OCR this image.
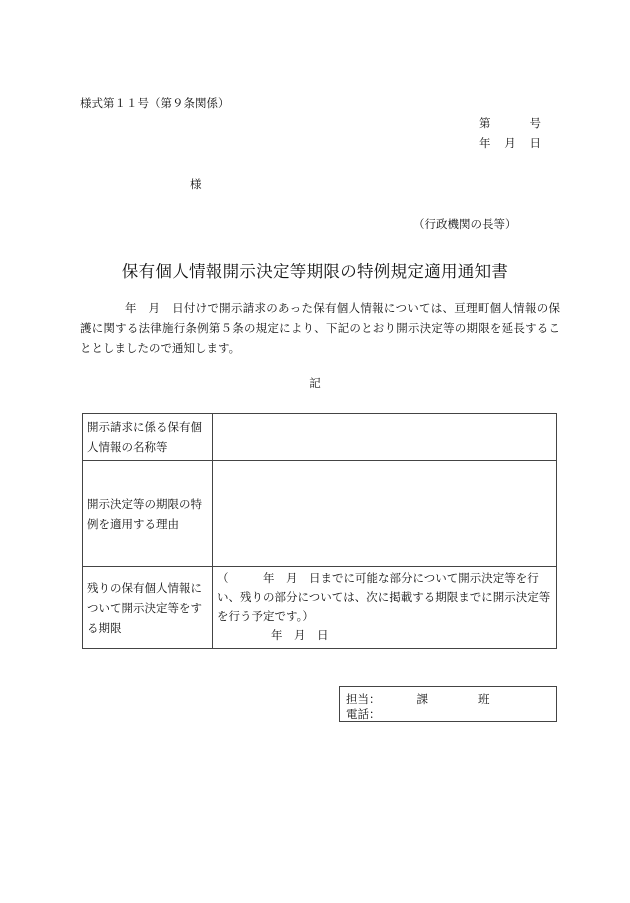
様式第１１号（第９条関係）
第	号
年 月 日
様
（行政機関の長等）
保有個人情報開示決定等期限の特例規定適用通知書
年　月　日付けで開示請求のあった保有個人情報については、亘理町個人情報の保護に関する法律施行条例第５条の規定により、下記のとおり開示決定等の期限を延長することとしましたので通知します。
記
開示請求に係る保有個人情報の名称等	
開示決定等の期限の特例を適用する理由	
残りの保有個人情報について開示決定等をする期限	（　　　年　月　日までに可能な部分について開示決定等を行い、残りの部分については、次に掲載する期限までに開示決定等を行う予定です。）
年　月　日
担当：	課	班
電話：
